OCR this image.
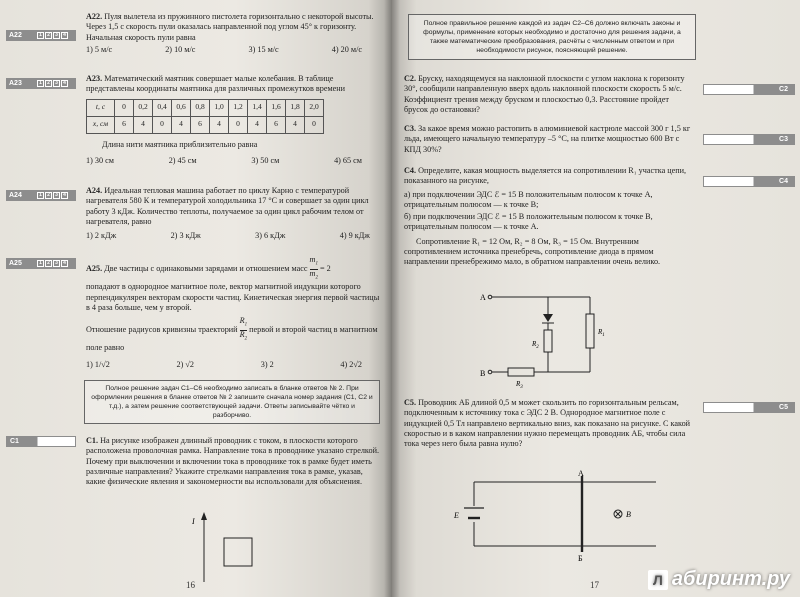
A22	1	2	3	4
A23	1	2	3	4
A24	1	2	3	4
A25	1	2	3	4
C1
A22. Пуля вылетела из пружинного пистолета горизонтально с некоторой высоты. Через 1,5 с скорость пули оказалась направленной под углом 45° к горизонту. Начальная скорость пули равна
1) 5 м/с	2) 10 м/с	3) 15 м/с	4) 20 м/с
A23. Математический маятник совершает малые колебания. В таблице представлены координаты маятника для различных промежутков времени
t, с	0	0,2	0,4	0,6	0,8	1,0	1,2	1,4	1,6	1,8	2,0
x, см	6	4	0	4	6	4	0	4	6	4	0
Длина нити маятника приблизительно равна
1) 30 см	2) 45 см	3) 50 см	4) 65 см
A24. Идеальная тепловая машина работает по циклу Карно с температурой нагревателя 580 К и температурой холодильника 17 °С и совершает за один цикл работу 3 кДж. Количество теплоты, получаемое за один цикл рабочим телом от нагревателя, равно
1) 2 кДж	2) 3 кДж	3) 6 кДж	4) 9 кДж
A25. Две частицы с одинаковыми зарядами и отношением масс $\frac{m_1}{m_2} = 2$
попадают в однородное магнитное поле, вектор магнитной индукции которого перпендикулярен векторам скорости частиц. Кинетическая энергия первой частицы в 4 раза больше, чем у второй.
Отношение радиусов кривизны траекторий $\frac{R_1}{R_2}$ первой и второй частиц в магнитном поле равно
1) 1/√2	2) √2	3) 2	4) 2√2
Полное решение задач С1–С6 необходимо записать в бланке ответов № 2. При оформлении решения в бланке ответов № 2 запишите сначала номер задания (С1, С2 и т.д.), а затем решение соответствующей задачи. Ответы записывайте чётко и разборчиво.
C1. На рисунке изображен длинный проводник с током, в плоскости которого расположена проволочная рамка. Направление тока в проводнике указано стрелкой. Почему при выключении и включении тока в проводнике ток в рамке будет иметь различные направления? Укажите стрелками направления тока в рамке, указав, какие физические явления и закономерности вы использовали для объяснения.
I
16
Полное правильное решение каждой из задач С2–С6 должно включать законы и формулы, применение которых необходимо и достаточно для решения задачи, а также математические преобразования, расчёты с численным ответом и при необходимости рисунок, поясняющий решение.
C2
C3
C4
C5
C2. Бруску, находящемуся на наклонной плоскости с углом наклона к горизонту 30°, сообщили направленную вверх вдоль наклонной плоскости скорость 5 м/с. Коэффициент трения между бруском и плоскостью 0,3. Расстояние пройдет брусок до остановки?
C3. За какое время можно растопить в алюминиевой кастрюле массой 300 г 1,5 кг льда, имеющего начальную температуру –5 °С, на плитке мощностью 600 Вт с КПД 30%?
C4. Определите, какая мощность выделяется на сопротивлении R₁ участка цепи, показанного на рисунке,
а) при подключении ЭДС ℰ = 15 В положительным полюсом к точке А, отрицательным полюсом — к точке В;
б) при подключении ЭДС ℰ = 15 В положительным полюсом к точке В, отрицательным полюсом — к точке А.
Сопротивление R₁ = 12 Ом, R₂ = 8 Ом, R₃ = 15 Ом. Внутренним сопротивлением источника пренебречь, сопротивление диода в прямом направлении пренебрежимо мало, в обратном направлении очень велико.
A
$R_2$
$R_1$
B
$R_3$
C5. Проводник АБ длиной 0,5 м может скользить по горизонтальным рельсам, подключенным к источнику тока с ЭДС 2 В. Однородное магнитное поле с индукцией 0,5 Тл направлено вертикально вниз, как показано на рисунке. С какой скоростью и в каком направлении нужно перемещать проводник АБ, чтобы сила тока через него была равна нулю?
E
А
Б
B
17	Л абиринт.ру
